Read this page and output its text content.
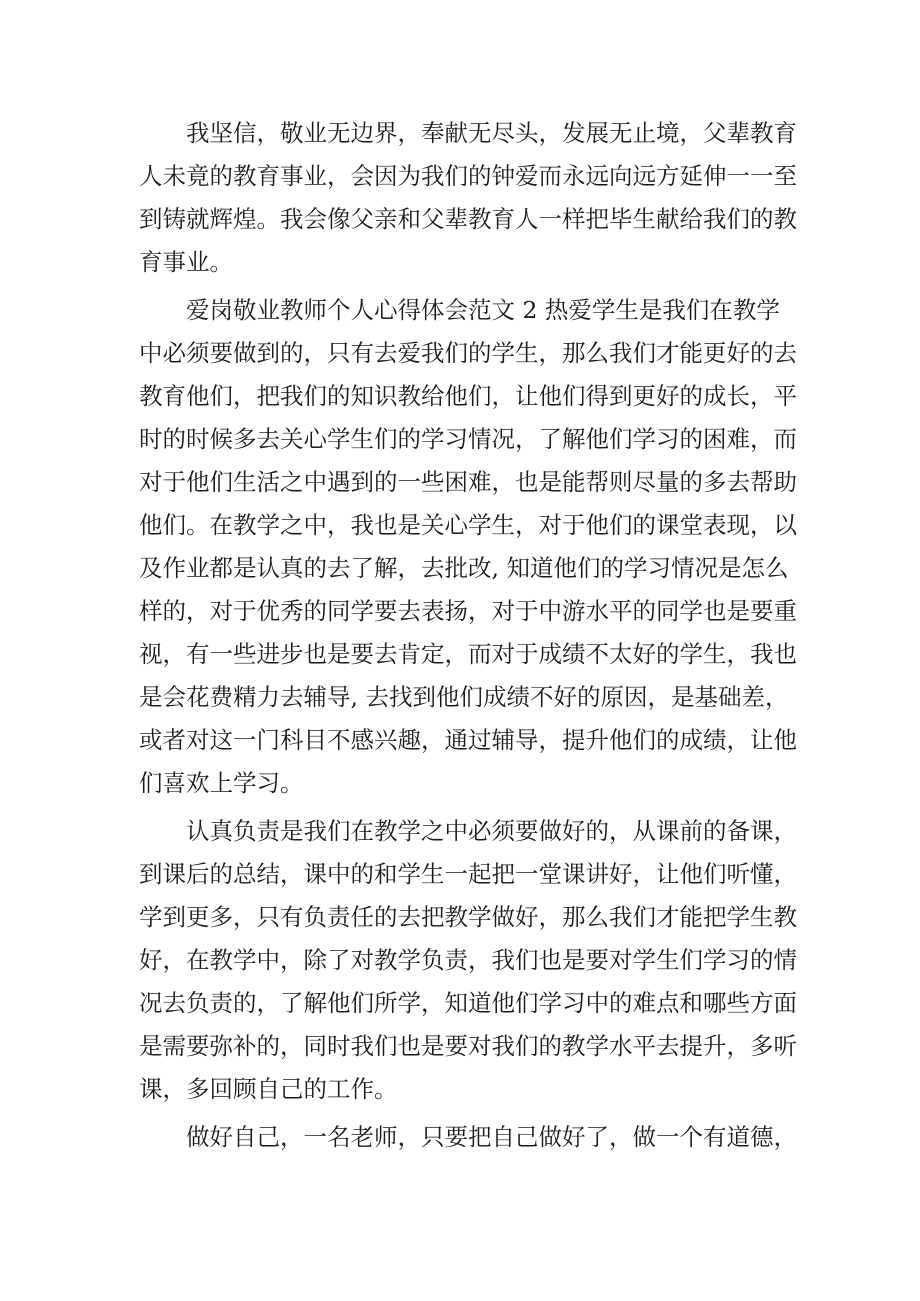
我坚信，敬业无边界，奉献无尽头，发展无止境，父辈教育
人未竟的教育事业，会因为我们的钟爱而永远向远方延伸一一至
到铸就辉煌。我会像父亲和父辈教育人一样把毕生献给我们的教
育事业。
爱岗敬业教师个人心得体会范文 2 热爱学生是我们在教学
中必须要做到的，只有去爱我们的学生，那么我们才能更好的去
教育他们，把我们的知识教给他们，让他们得到更好的成长，平
时的时候多去关心学生们的学习情况，了解他们学习的困难，而
对于他们生活之中遇到的一些困难，也是能帮则尽量的多去帮助
他们。在教学之中，我也是关心学生，对于他们的课堂表现，以
及作业都是认真的去了解，去批改, 知道他们的学习情况是怎么
样的，对于优秀的同学要去表扬，对于中游水平的同学也是要重
视，有一些进步也是要去肯定，而对于成绩不太好的学生，我也
是会花费精力去辅导, 去找到他们成绩不好的原因，是基础差，
或者对这一门科目不感兴趣，通过辅导，提升他们的成绩，让他
们喜欢上学习。
认真负责是我们在教学之中必须要做好的，从课前的备课，
到课后的总结，课中的和学生一起把一堂课讲好，让他们听懂，
学到更多，只有负责任的去把教学做好，那么我们才能把学生教
好，在教学中，除了对教学负责，我们也是要对学生们学习的情
况去负责的，了解他们所学，知道他们学习中的难点和哪些方面
是需要弥补的，同时我们也是要对我们的教学水平去提升，多听
课，多回顾自己的工作。
做好自己，一名老师，只要把自己做好了，做一个有道德，
